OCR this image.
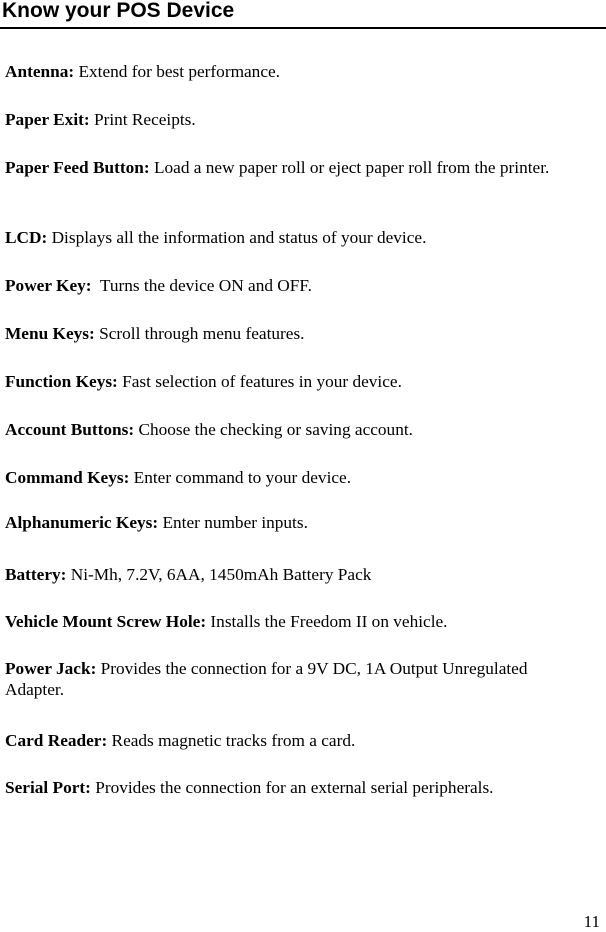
Know your POS Device
Antenna: Extend for best performance.
Paper Exit: Print Receipts.
Paper Feed Button: Load a new paper roll or eject paper roll from the printer.
LCD: Displays all the information and status of your device.
Power Key:  Turns the device ON and OFF.
Menu Keys: Scroll through menu features.
Function Keys: Fast selection of features in your device.
Account Buttons: Choose the checking or saving account.
Command Keys: Enter command to your device.
Alphanumeric Keys: Enter number inputs.
Battery: Ni-Mh, 7.2V, 6AA, 1450mAh Battery Pack
Vehicle Mount Screw Hole: Installs the Freedom II on vehicle.
Power Jack: Provides the connection for a 9V DC, 1A Output Unregulated Adapter.
Card Reader: Reads magnetic tracks from a card.
Serial Port: Provides the connection for an external serial peripherals.
11
